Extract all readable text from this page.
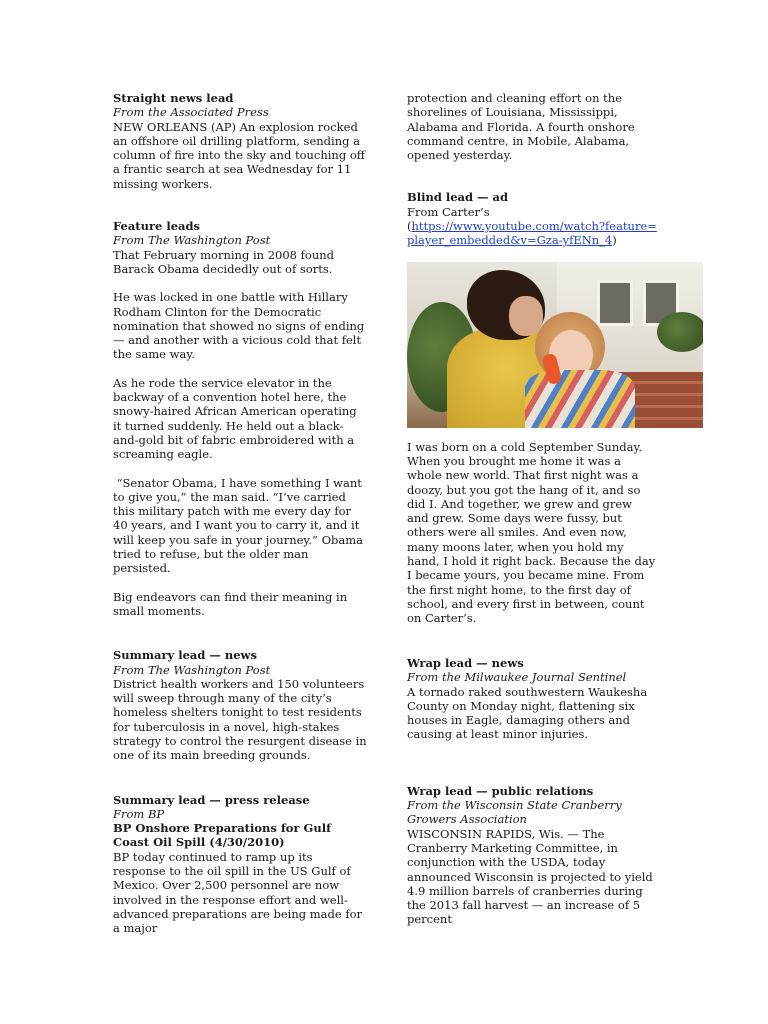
Straight news lead
From the Associated Press

NEW ORLEANS (AP) An explosion rocked an offshore oil drilling platform, sending a column of fire into the sky and touching off a frantic search at sea Wednesday for 11 missing workers.

Feature leads
From The Washington Post

That February morning in 2008 found Barack Obama decidedly out of sorts.

He was locked in one battle with Hillary Rodham Clinton for the Democratic nomination that showed no signs of ending — and another with a vicious cold that felt the same way.

As he rode the service elevator in the backway of a convention hotel here, the snowy-haired African American operating it turned suddenly. He held out a black-and-gold bit of fabric embroidered with a screaming eagle.

“Senator Obama, I have something I want to give you,” the man said. “I’ve carried this military patch with me every day for 40 years, and I want you to carry it, and it will keep you safe in your journey.” Obama tried to refuse, but the older man persisted.

Big endeavors can find their meaning in small moments.

Summary lead — news
From The Washington Post

District health workers and 150 volunteers will sweep through many of the city’s homeless shelters tonight to test residents for tuberculosis in a novel, high-stakes strategy to control the resurgent disease in one of its main breeding grounds.

Summary lead — press release
From BP
BP Onshore Preparations for Gulf Coast Oil Spill (4/30/2010)

BP today continued to ramp up its response to the oil spill in the US Gulf of Mexico. Over 2,500 personnel are now involved in the response effort and well-advanced preparations are being made for a major

protection and cleaning effort on the shorelines of Louisiana, Mississippi, Alabama and Florida. A fourth onshore command centre, in Mobile, Alabama, opened yesterday.

Blind lead — ad
From Carter’s

(https://www.youtube.com/watch?feature=player_embedded&v=Gza-yfENn_4)

I was born on a cold September Sunday. When you brought me home it was a whole new world. That first night was a doozy, but you got the hang of it, and so did I. And together, we grew and grew and grew. Some days were fussy, but others were all smiles. And even now, many moons later, when you hold my hand, I hold it right back. Because the day I became yours, you became mine. From the first night home, to the first day of school, and every first in between, count on Carter’s.

Wrap lead — news
From the Milwaukee Journal Sentinel

A tornado raked southwestern Waukesha County on Monday night, flattening six houses in Eagle, damaging others and causing at least minor injuries.

Wrap lead — public relations
From the Wisconsin State Cranberry Growers Association

WISCONSIN RAPIDS, Wis. — The Cranberry Marketing Committee, in conjunction with the USDA, today announced Wisconsin is projected to yield 4.9 million barrels of cranberries during the 2013 fall harvest — an increase of 5 percent
